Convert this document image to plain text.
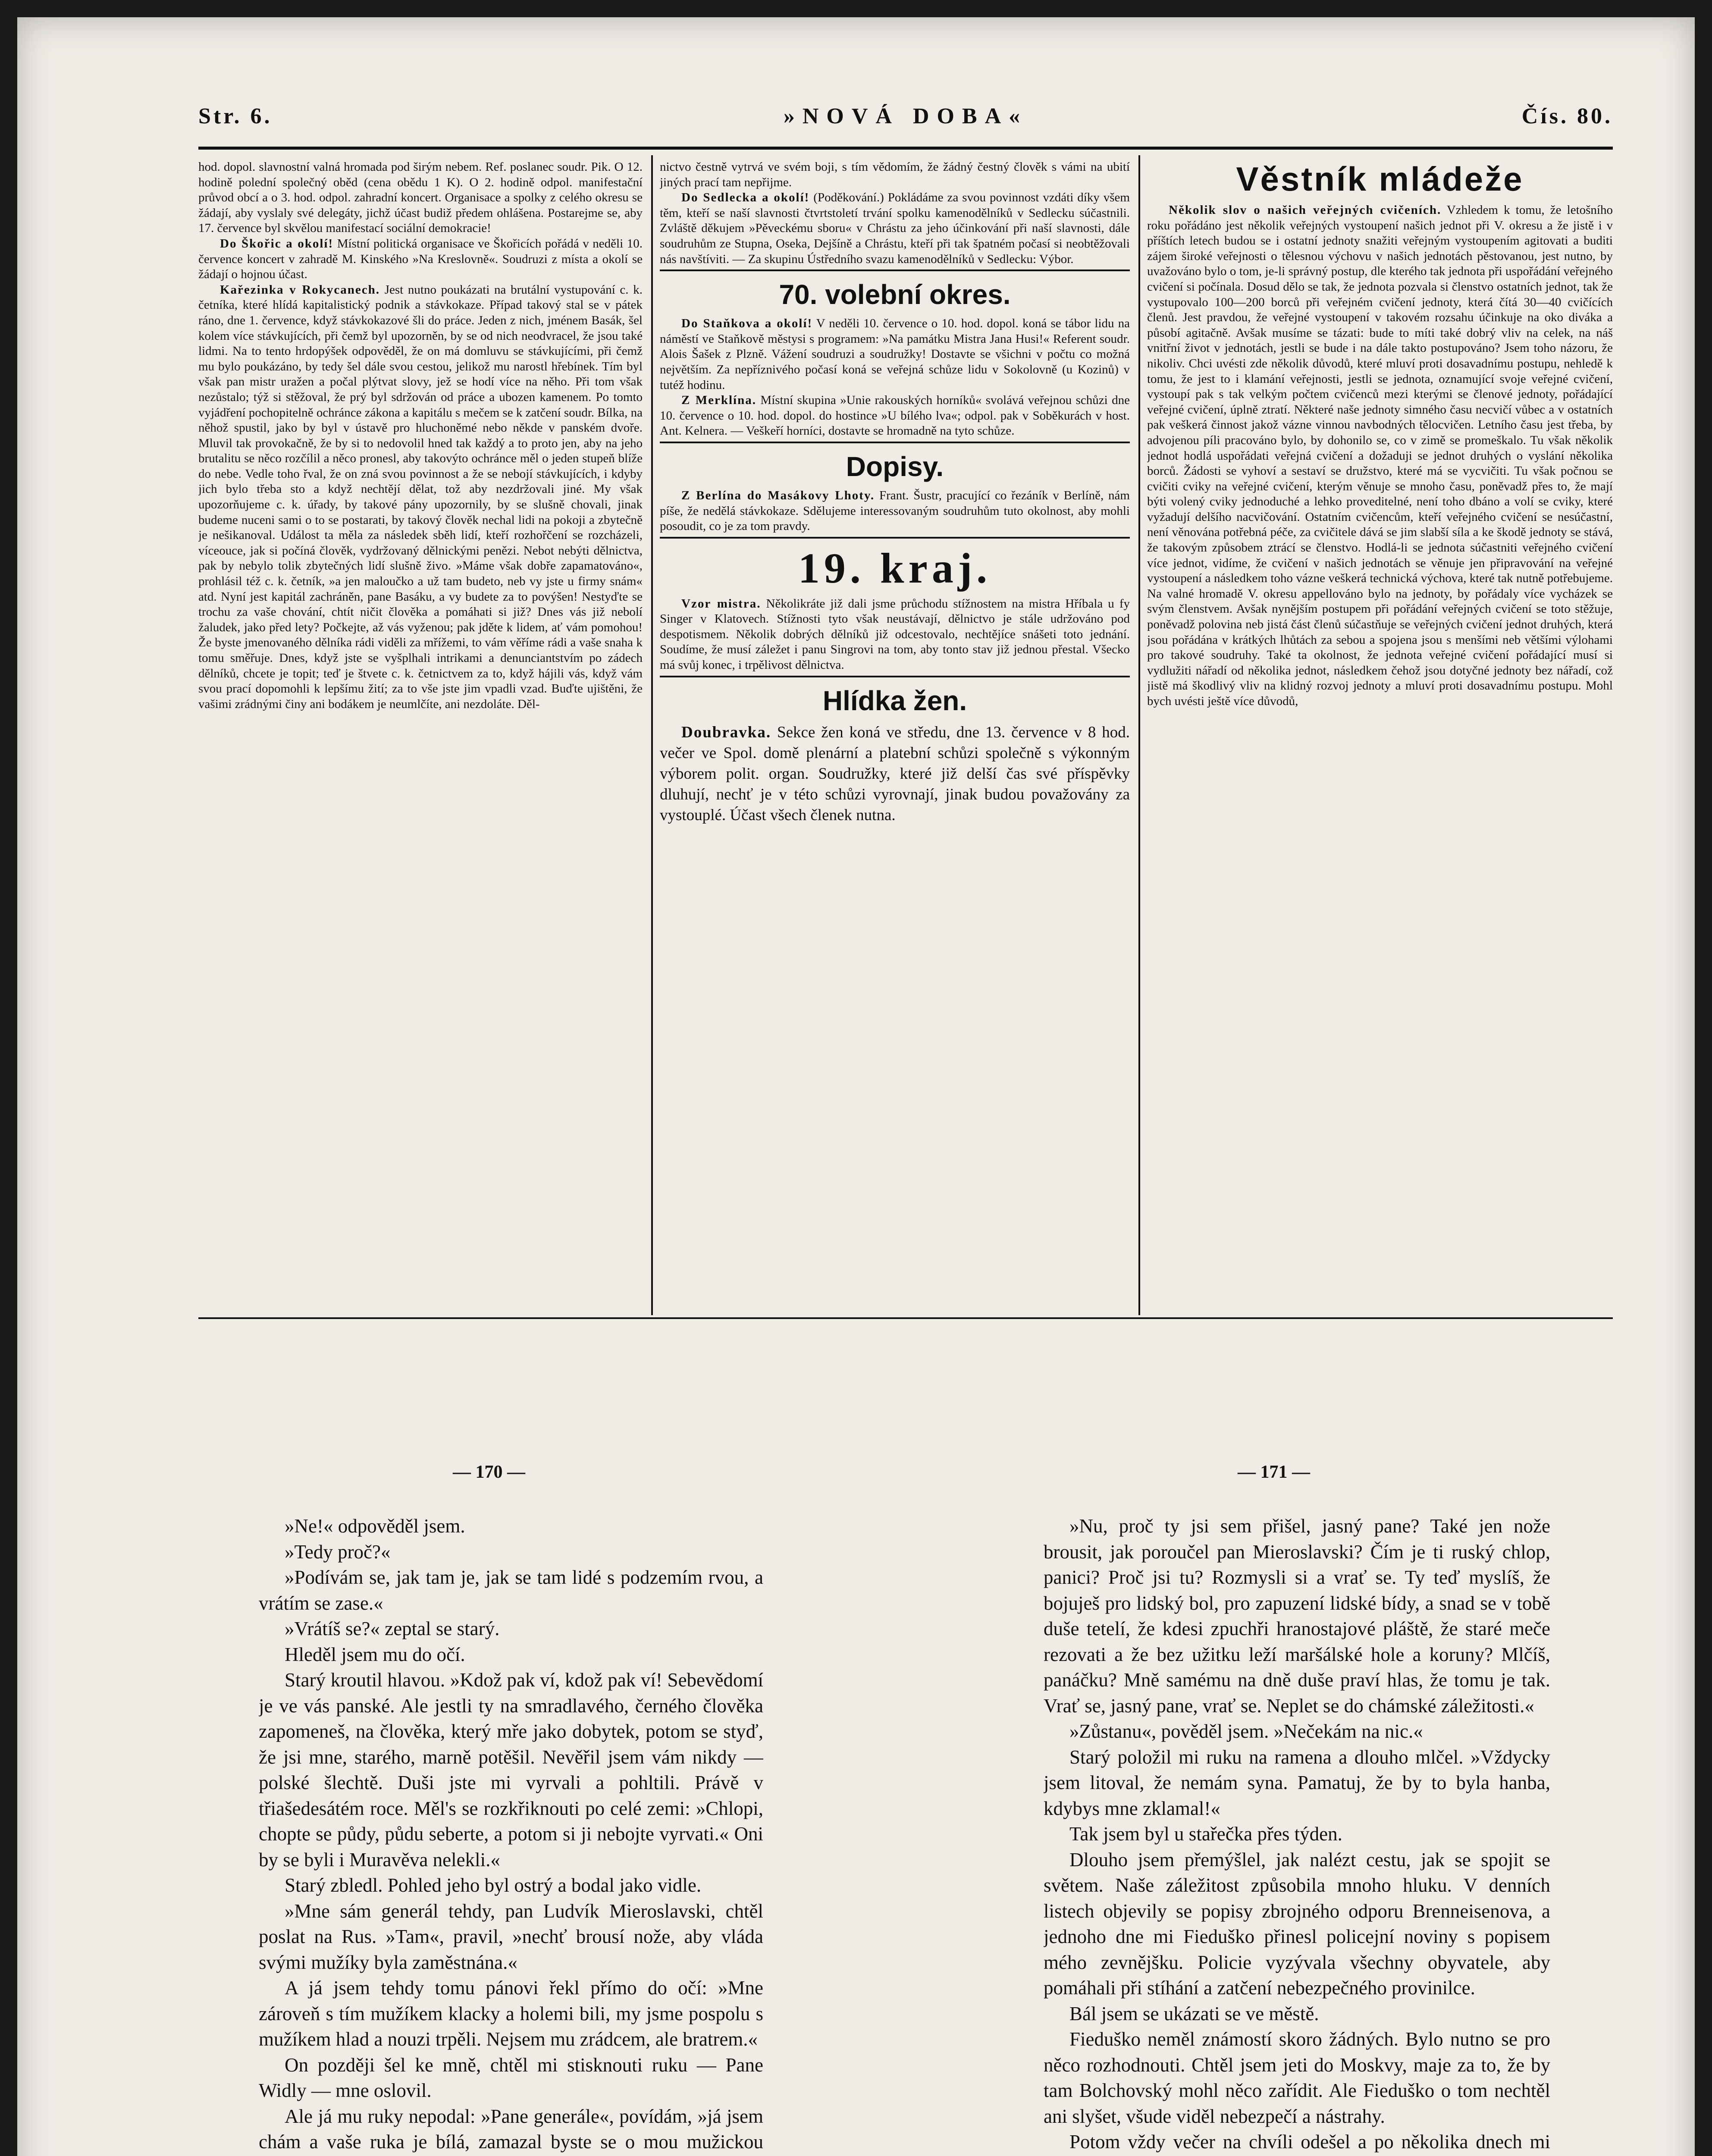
Str. 6.	»NOVÁ DOBA«	Čís. 80.

hod. dopol. slavnostní valná hromada pod širým nebem. Ref. poslanec soudr. Pik. O 12. hodině polední společný oběd (cena obědu 1 K). O 2. hodině odpol. manifestační průvod obcí a o 3. hod. odpol. zahradní koncert. Organisace a spolky z celého okresu se žádají, aby vyslaly své delegáty, jichž účast budiž předem ohlášena. Postarejme se, aby 17. července byl skvělou manifestací sociální demokracie!

Do Škořic a okolí! Místní politická organisace ve Škořicích pořádá v neděli 10. července koncert v zahradě M. Kinského »Na Kreslovně«. Soudruzi z místa a okolí se žádají o hojnou účast.

Kařezinka v Rokycanech. Jest nutno poukázati na brutální vystupování c. k. četníka, které hlídá kapitalistický podnik a stávkokaze. Případ takový stal se v pátek ráno, dne 1. července, když stávkokazové šli do práce. Jeden z nich, jménem Basák, šel kolem více stávkujících, při čemž byl upozorněn, by se od nich neodvracel, že jsou také lidmi. Na to tento hrdopýšek odpověděl, že on má domluvu se stávkujícími, při čemž mu bylo poukázáno, by tedy šel dále svou cestou, jelikož mu narostl hřebínek. Tím byl však pan mistr uražen a počal plýtvat slovy, jež se hodí více na něho. Při tom však nezůstalo; týž si stěžoval, že prý byl sdržován od práce a ubozen kamenem. Po tomto vyjádření pochopitelně ochránce zákona a kapitálu s mečem se k zatčení soudr. Bílka, na něhož spustil, jako by byl v ústavě pro hluchoněmé nebo někde v panském dvoře. Mluvil tak provokačně, že by si to nedovolil hned tak každý a to proto jen, aby na jeho brutalitu se něco rozčílil a něco pronesl, aby takovýto ochránce měl o jeden stupeň blíže do nebe. Vedle toho řval, že on zná svou povinnost a že se nebojí stávkujících, i kdyby jich bylo třeba sto a když nechtějí dělat, tož aby nezdržovali jiné. My však upozorňujeme c. k. úřady, by takové pány upozornily, by se slušně chovali, jinak budeme nuceni sami o to se postarati, by takový člověk nechal lidi na pokoji a zbytečně je nešikanoval. Událost ta měla za následek sběh lidí, kteří rozhořčení se rozcházeli, víceouce, jak si počíná člověk, vydržovaný dělnickými penězi. Nebot nebýti dělnictva, pak by nebylo tolik zbytečných lidí slušně živo. »Máme však dobře zapamatováno«, prohlásil též c. k. četník, »a jen maloučko a už tam budeto, neb vy jste u firmy snám« atd. Nyní jest kapitál zachráněn, pane Basáku, a vy budete za to povýšen! Nestyďte se trochu za vaše chování, chtít ničit člověka a pomáhati si již? Dnes vás již nebolí žaludek, jako před lety? Počkejte, až vás vyženou; pak jděte k lidem, ať vám pomohou! Že byste jmenovaného dělníka rádi viděli za mřížemi, to vám věříme rádi a vaše snaha k tomu směřuje. Dnes, když jste se vyšplhali intrikami a denunciantstvím po zádech dělníků, chcete je topit; teď je štvete c. k. četnictvem za to, když hájili vás, když vám svou prací dopomohli k lepšímu žití; za to vše jste jim vpadli vzad. Buďte ujištěni, že vašimi zrádnými činy ani bodákem je neumlčíte, ani nezdoláte. Děl-

nictvo čestně vytrvá ve svém boji, s tím vědomím, že žádný čestný člověk s vámi na ubití jiných prací tam nepřijme.

Do Sedlecka a okolí! (Poděkování.) Pokládáme za svou povinnost vzdáti díky všem těm, kteří se naší slavnosti čtvrtstoletí trvání spolku kamenodělníků v Sedlecku súčastnili. Zvláště děkujem »Pěveckému sboru« v Chrástu za jeho účinkování při naší slavnosti, dále soudruhům ze Stupna, Oseka, Dejšíně a Chrástu, kteří při tak špatném počasí si neobtěžovali nás navštíviti. — Za skupinu Ústředního svazu kamenodělníků v Sedlecku: Výbor.

70. volební okres.

Do Staňkova a okolí! V neděli 10. července o 10. hod. dopol. koná se tábor lidu na náměstí ve Staňkově městysi s programem: »Na památku Mistra Jana Husi!« Referent soudr. Alois Šašek z Plzně. Vážení soudruzi a soudružky! Dostavte se všichni v počtu co možná největším. Za nepříznivého počasí koná se veřejná schůze lidu v Sokolovně (u Kozinů) v tutéž hodinu.

Z Merklína. Místní skupina »Unie rakouských horníků« svolává veřejnou schůzi dne 10. července o 10. hod. dopol. do hostince »U bílého lva«; odpol. pak v Soběkurách v host. Ant. Kelnera. — Veškeří horníci, dostavte se hromadně na tyto schůze.

Dopisy.

Z Berlína do Masákovy Lhoty. Frant. Šustr, pracující co řezáník v Berlíně, nám píše, že nedělá stávkokaze. Sdělujeme interessovaným soudruhům tuto okolnost, aby mohli posoudit, co je za tom pravdy.

19. kraj.

Vzor mistra. Několikráte již dali jsme průchodu stížnostem na mistra Hříbala u fy Singer v Klatovech. Stížnosti tyto však neustávají, dělnictvo je stále udržováno pod despotismem. Několik dobrých dělníků již odcestovalo, nechtějíce snášeti toto jednání. Soudíme, že musí záležet i panu Singrovi na tom, aby tonto stav již jednou přestal. Všecko má svůj konec, i trpělivost dělnictva.

Hlídka žen.

Doubravka. Sekce žen koná ve středu, dne 13. července v 8 hod. večer ve Spol. domě plenární a platební schůzi společně s výkonným výborem polit. organ. Soudružky, které již delší čas své příspěvky dluhují, nechť je v této schůzi vyrovnají, jinak budou považovány za vystouplé. Účast všech členek nutna.

Věstník mládeže

Několik slov o našich veřejných cvičeních. Vzhledem k tomu, že letošního roku pořádáno jest několik veřejných vystoupení našich jednot při V. okresu a že jistě i v příštích letech budou se i ostatní jednoty snažiti veřejným vystoupením agitovati a buditi zájem široké veřejnosti o tělesnou výchovu v našich jednotách pěstovanou, jest nutno, by uvažováno bylo o tom, je-li správný postup, dle kterého tak jednota při uspořádání veřejného cvičení si počínala. Dosud dělo se tak, že jednota pozvala si členstvo ostatních jednot, tak že vystupovalo 100—200 borců při veřejném cvičení jednoty, která čítá 30—40 cvičících členů. Jest pravdou, že veřejné vystoupení v takovém rozsahu účinkuje na oko diváka a působí agitačně. Avšak musíme se tázati: bude to míti také dobrý vliv na celek, na náš vnitřní život v jednotách, jestli se bude i na dále takto postupováno? Jsem toho názoru, že nikoliv. Chci uvésti zde několik důvodů, které mluví proti dosavadnímu postupu, nehledě k tomu, že jest to i klamání veřejnosti, jestli se jednota, oznamující svoje veřejné cvičení, vystoupí pak s tak velkým počtem cvičenců mezi kterými se členové jednoty, pořádající veřejné cvičení, úplně ztratí. Některé naše jednoty simného času necvičí vůbec a v ostatních pak veškerá činnost jakož vázne vinnou navbodných tělocvičen. Letního času jest třeba, by advojenou píli pracováno bylo, by dohonilo se, co v zimě se promeškalo. Tu však několik jednot hodlá uspořádati veřejná cvičení a dožaduji se jednot druhých o vyslání několika borců. Žádosti se vyhoví a sestaví se družstvo, které má se vycvičiti. Tu však počnou se cvičiti cviky na veřejné cvičení, kterým věnuje se mnoho času, poněvadž přes to, že mají býti volený cviky jednoduché a lehko proveditelné, není toho dbáno a volí se cviky, které vyžadují delšího nacvičování. Ostatním cvičencům, kteří veřejného cvičení se nesúčastní, není věnována potřebná péče, za cvičitele dává se jim slabší síla a ke škodě jednoty se stává, že takovým způsobem ztrácí se členstvo. Hodlá-li se jednota súčastniti veřejného cvičení více jednot, vidíme, že cvičení v našich jednotách se věnuje jen připravování na veřejné vystoupení a následkem toho vázne veškerá technická výchova, které tak nutně potřebujeme. Na valné hromadě V. okresu appellováno bylo na jednoty, by pořádaly více vycházek se svým členstvem. Avšak nynějším postupem při pořádání veřejných cvičení se toto stěžuje, poněvadž polovina neb jistá část členů súčastňuje se veřejných cvičení jednot druhých, která jsou pořádána v krátkých lhůtách za sebou a spojena jsou s menšími neb většími výlohami pro takové soudruhy. Také ta okolnost, že jednota veřejné cvičení pořádající musí si vydlužiti nářadí od několika jednot, následkem čehož jsou dotyčné jednoty bez nářadí, což jistě má škodlivý vliv na klidný rozvoj jednoty a mluví proti dosavadnímu postupu. Mohl bych uvésti ještě více důvodů,

— 170 —	— 171 —

»Ne!« odpověděl jsem.

»Tedy proč?«

»Podívám se, jak tam je, jak se tam lidé s podzemím rvou, a vrátím se zase.«

»Vrátíš se?« zeptal se starý.

Hleděl jsem mu do očí.

Starý kroutil hlavou. »Kdož pak ví, kdož pak ví! Sebevědomí je ve vás panské. Ale jestli ty na smradlavého, černého člověka zapomeneš, na člověka, který mře jako dobytek, potom se styď, že jsi mne, starého, marně potěšil. Nevěřil jsem vám nikdy — polské šlechtě. Duši jste mi vyrvali a pohltili. Právě v třiašedesátém roce. Měl's se rozkřiknouti po celé zemi: »Chlopi, chopte se půdy, půdu seberte, a potom si ji nebojte vyrvati.« Oni by se byli i Muravěva nelekli.«

Starý zbledl. Pohled jeho byl ostrý a bodal jako vidle.

»Mne sám generál tehdy, pan Ludvík Mieroslavski, chtěl poslat na Rus. »Tam«, pravil, »nechť brousí nože, aby vláda svými mužíky byla zaměstnána.«

A já jsem tehdy tomu pánovi řekl přímo do očí: »Mne zároveň s tím mužíkem klacky a holemi bili, my jsme pospolu s mužíkem hlad a nouzi trpěli. Nejsem mu zrádcem, ale bratrem.«

On později šel ke mně, chtěl mi stisknouti ruku — Pane Widly — mne oslovil.

Ale já mu ruky nepodal: »Pane generále«, povídám, »já jsem chám a vaše ruka je bílá, zamazal byste se o mou mužickou

»Nu, proč ty jsi sem přišel, jasný pane? Také jen nože brousit, jak poroučel pan Mieroslavski? Čím je ti ruský chlop, panici? Proč jsi tu? Rozmysli si a vrať se. Ty teď myslíš, že bojuješ pro lidský bol, pro zapuzení lidské bídy, a snad se v tobě duše tetelí, že kdesi zpuchři hranostajové pláště, že staré meče rezovati a že bez užitku leží maršálské hole a koruny? Mlčíš, panáčku? Mně samému na dně duše praví hlas, že tomu je tak. Vrať se, jasný pane, vrať se. Neplet se do chámské záležitosti.«

»Zůstanu«, pověděl jsem. »Nečekám na nic.«

Starý položil mi ruku na ramena a dlouho mlčel. »Vždycky jsem litoval, že nemám syna. Pamatuj, že by to byla hanba, kdybys mne zklamal!«

Tak jsem byl u stařečka přes týden.

Dlouho jsem přemýšlel, jak nalézt cestu, jak se spojit se světem. Naše záležitost způsobila mnoho hluku. V denních listech objevily se popisy zbrojného odporu Brenneisenova, a jednoho dne mi Fieduško přinesl policejní noviny s popisem mého zevnějšku. Policie vyzývala všechny obyvatele, aby pomáhali při stíhání a zatčení nebezpečného provinilce.

Bál jsem se ukázati se ve městě.

Fieduško neměl známostí skoro žádných. Bylo nutno se pro něco rozhodnouti. Chtěl jsem jeti do Moskvy, maje za to, že by tam Bolchovský mohl něco zařídit. Ale Fieduško o tom nechtěl ani slyšet, všude viděl nebezpečí a nástrahy.

Potom vždy večer na chvíli odešel a po několika dnech mi
